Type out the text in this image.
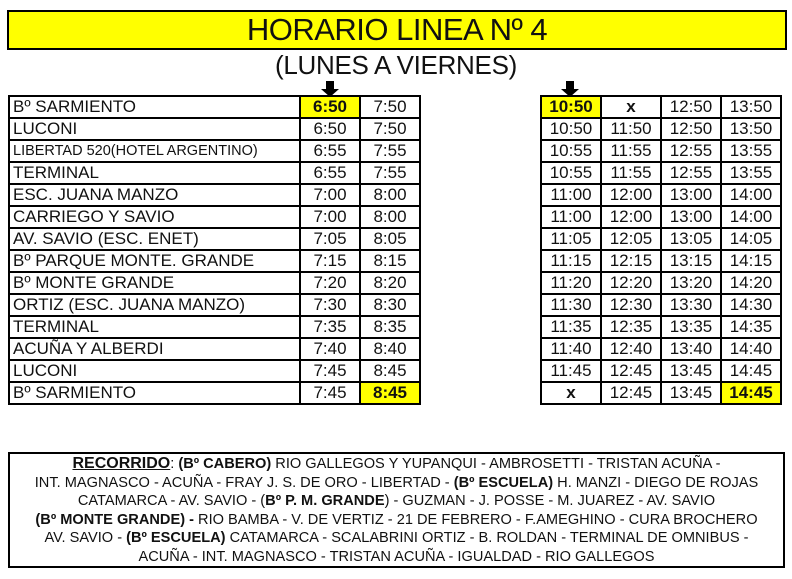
HORARIO LINEA Nº 4
(LUNES A VIERNES)
Bº SARMIENTO	6:50	7:50
LUCONI	6:50	7:50
LIBERTAD 520(HOTEL ARGENTINO)	6:55	7:55
TERMINAL	6:55	7:55
ESC. JUANA MANZO	7:00	8:00
CARRIEGO Y SAVIO	7:00	8:00
AV. SAVIO (ESC. ENET)	7:05	8:05
Bº PARQUE MONTE. GRANDE	7:15	8:15
Bº MONTE GRANDE	7:20	8:20
ORTIZ (ESC. JUANA MANZO)	7:30	8:30
TERMINAL	7:35	8:35
ACUÑA Y ALBERDI	7:40	8:40
LUCONI	7:45	8:45
Bº SARMIENTO	7:45	8:45
10:50	x	12:50	13:50
10:50	11:50	12:50	13:50
10:55	11:55	12:55	13:55
10:55	11:55	12:55	13:55
11:00	12:00	13:00	14:00
11:00	12:00	13:00	14:00
11:05	12:05	13:05	14:05
11:15	12:15	13:15	14:15
11:20	12:20	13:20	14:20
11:30	12:30	13:30	14:30
11:35	12:35	13:35	14:35
11:40	12:40	13:40	14:40
11:45	12:45	13:45	14:45
x	12:45	13:45	14:45
RECORRIDO: (Bº CABERO) RIO GALLEGOS Y YUPANQUI - AMBROSETTI - TRISTAN ACUÑA -
INT. MAGNASCO - ACUÑA - FRAY J. S. DE ORO - LIBERTAD - (Bº ESCUELA) H. MANZI - DIEGO DE ROJAS
CATAMARCA - AV. SAVIO - (Bº P. M. GRANDE) - GUZMAN - J. POSSE - M. JUAREZ - AV. SAVIO
(Bº MONTE GRANDE) - RIO BAMBA - V. DE VERTIZ - 21 DE FEBRERO - F.AMEGHINO - CURA BROCHERO
AV. SAVIO - (Bº ESCUELA) CATAMARCA - SCALABRINI ORTIZ - B. ROLDAN - TERMINAL DE OMNIBUS -
ACUÑA - INT. MAGNASCO - TRISTAN ACUÑA - IGUALDAD - RIO GALLEGOS
